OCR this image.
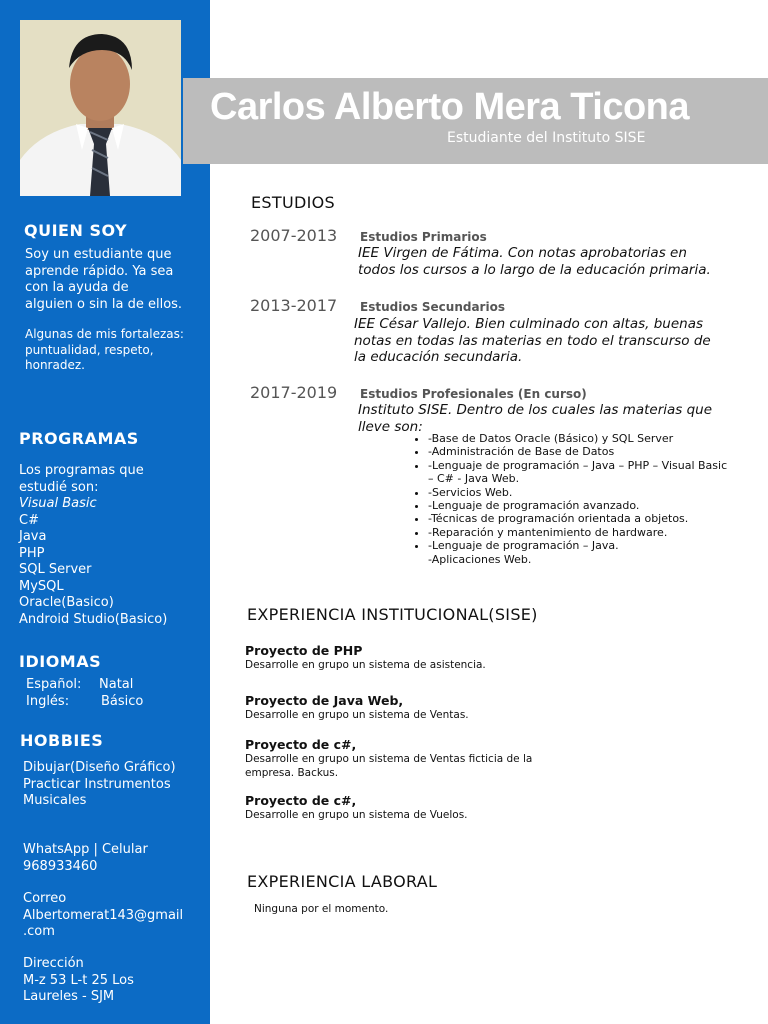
QUIEN SOY
Soy un estudiante que
aprende rápido. Ya sea
con la ayuda de
alguien o sin la de ellos.
Algunas de mis fortalezas:
puntualidad, respeto,
honradez.
PROGRAMAS
Los programas que
estudié son:
Visual Basic
C#
Java
PHP
SQL Server
MySQL
Oracle(Basico)
Android Studio(Basico)
IDIOMAS
Español:	Natal
Inglés:	Básico
HOBBIES
Dibujar(Diseño Gráfico)
Practicar Instrumentos
Musicales
WhatsApp | Celular
968933460
Correo
Albertomerat143@gmail
.com
Dirección
M-z 53 L-t 25 Los
Laureles - SJM
Carlos Alberto Mera Ticona
Estudiante del Instituto SISE
ESTUDIOS
2007-2013 Estudios Primarios
IEE Virgen de Fátima. Con notas aprobatorias en
todos los cursos a lo largo de la educación primaria.
2013-2017 Estudios Secundarios
IEE César Vallejo. Bien culminado con altas, buenas
notas en todas las materias en todo el transcurso de
la educación secundaria.
2017-2019 Estudios Profesionales (En curso)
Instituto SISE. Dentro de los cuales las materias que
lleve son:
• -Base de Datos Oracle (Básico) y SQL Server
• -Administración de Base de Datos
• -Lenguaje de programación – Java – PHP – Visual Basic – C# - Java Web.
• -Servicios Web.
• -Lenguaje de programación avanzado.
• -Técnicas de programación orientada a objetos.
• -Reparación y mantenimiento de hardware.
• -Lenguaje de programación – Java.
-Aplicaciones Web.
EXPERIENCIA INSTITUCIONAL(SISE)
Proyecto de PHP
Desarrolle en grupo un sistema de asistencia.
Proyecto de Java Web,
Desarrolle en grupo un sistema de Ventas.
Proyecto de c#,
Desarrolle en grupo un sistema de Ventas ficticia de la
empresa. Backus.
Proyecto de c#,
Desarrolle en grupo un sistema de Vuelos.
EXPERIENCIA LABORAL
Ninguna por el momento.
